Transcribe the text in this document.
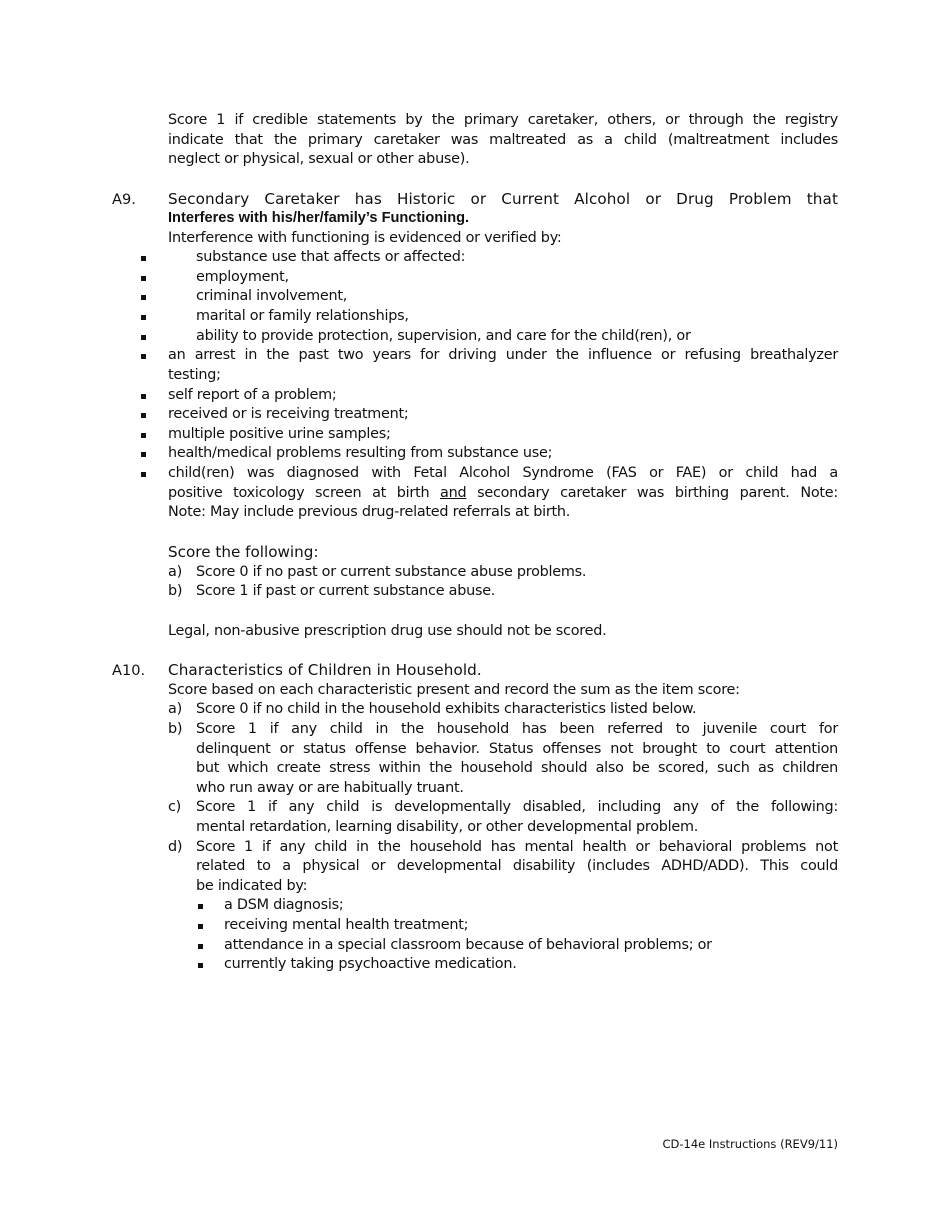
Score 1 if credible statements by the primary caretaker, others, or through the registry
indicate that the primary caretaker was maltreated as a child (maltreatment includes
neglect or physical, sexual or other abuse).
A9. Secondary Caretaker has Historic or Current Alcohol or Drug Problem that
Interferes with his/her/family’s Functioning.
Interference with functioning is evidenced or verified by:
substance use that affects or affected:
employment,
criminal involvement,
marital or family relationships,
ability to provide protection, supervision, and care for the child(ren), or
an arrest in the past two years for driving under the influence or refusing breathalyzer
testing;
self report of a problem;
received or is receiving treatment;
multiple positive urine samples;
health/medical problems resulting from substance use;
child(ren) was diagnosed with Fetal Alcohol Syndrome (FAS or FAE) or child had a
positive toxicology screen at birth and secondary caretaker was birthing parent. Note:
Note: May include previous drug-related referrals at birth.
Score the following:
a) Score 0 if no past or current substance abuse problems.
b) Score 1 if past or current substance abuse.
Legal, non-abusive prescription drug use should not be scored.
A10. Characteristics of Children in Household.
Score based on each characteristic present and record the sum as the item score:
a) Score 0 if no child in the household exhibits characteristics listed below.
b) Score 1 if any child in the household has been referred to juvenile court for
delinquent or status offense behavior. Status offenses not brought to court attention
but which create stress within the household should also be scored, such as children
who run away or are habitually truant.
c) Score 1 if any child is developmentally disabled, including any of the following:
mental retardation, learning disability, or other developmental problem.
d) Score 1 if any child in the household has mental health or behavioral problems not
related to a physical or developmental disability (includes ADHD/ADD). This could
be indicated by:
a DSM diagnosis;
receiving mental health treatment;
attendance in a special classroom because of behavioral problems; or
currently taking psychoactive medication.
CD-14e Instructions (REV9/11)
